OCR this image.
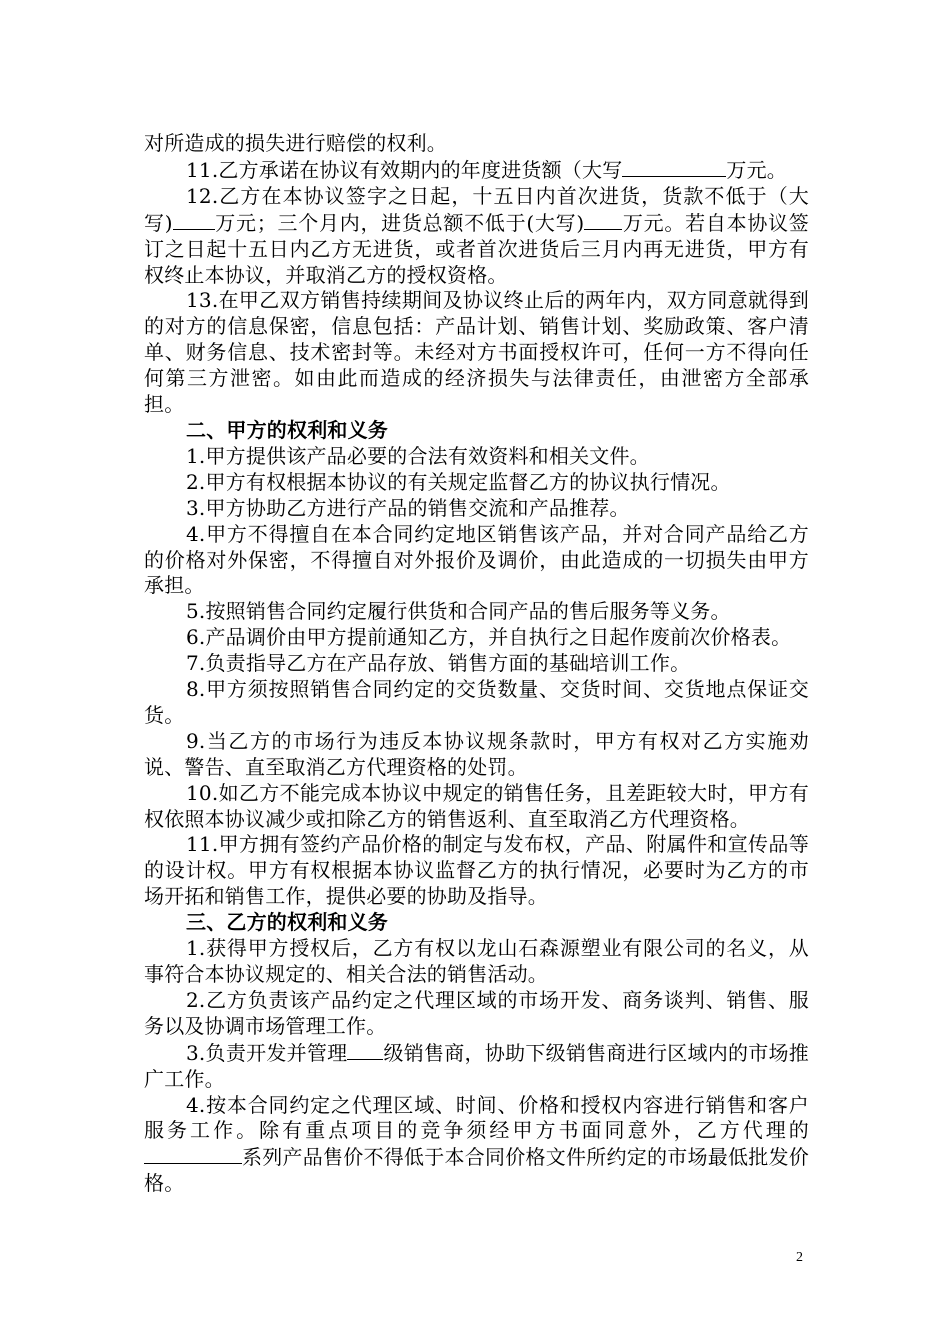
对所造成的损失进行赔偿的权利。

11.乙方承诺在协议有效期内的年度进货额（大写	万元。

12.乙方在本协议签字之日起，十五日内首次进货，货款不低于（大写) 万元；三个月内，进货总额不低于(大写) 万元。若自本协议签订之日起十五日内乙方无进货，或者首次进货后三月内再无进货，甲方有权终止本协议，并取消乙方的授权资格。

13.在甲乙双方销售持续期间及协议终止后的两年内，双方同意就得到的对方的信息保密，信息包括：产品计划、销售计划、奖励政策、客户清单、财务信息、技术密封等。未经对方书面授权许可，任何一方不得向任何第三方泄密。如由此而造成的经济损失与法律责任，由泄密方全部承担。

二、甲方的权利和义务

1.甲方提供该产品必要的合法有效资料和相关文件。

2.甲方有权根据本协议的有关规定监督乙方的协议执行情况。

3.甲方协助乙方进行产品的销售交流和产品推荐。

4.甲方不得擅自在本合同约定地区销售该产品，并对合同产品给乙方的价格对外保密，不得擅自对外报价及调价，由此造成的一切损失由甲方承担。

5.按照销售合同约定履行供货和合同产品的售后服务等义务。

6.产品调价由甲方提前通知乙方，并自执行之日起作废前次价格表。

7.负责指导乙方在产品存放、销售方面的基础培训工作。

8.甲方须按照销售合同约定的交货数量、交货时间、交货地点保证交货。

9.当乙方的市场行为违反本协议规条款时，甲方有权对乙方实施劝说、警告、直至取消乙方代理资格的处罚。

10.如乙方不能完成本协议中规定的销售任务，且差距较大时，甲方有权依照本协议减少或扣除乙方的销售返利、直至取消乙方代理资格。

11.甲方拥有签约产品价格的制定与发布权，产品、附属件和宣传品等的设计权。甲方有权根据本协议监督乙方的执行情况，必要时为乙方的市场开拓和销售工作，提供必要的协助及指导。

三、乙方的权利和义务

1.获得甲方授权后，乙方有权以龙山石森源塑业有限公司的名义，从事符合本协议规定的、相关合法的销售活动。

2.乙方负责该产品约定之代理区域的市场开发、商务谈判、销售、服务以及协调市场管理工作。

3.负责开发并管理 级销售商，协助下级销售商进行区域内的市场推广工作。

4.按本合同约定之代理区域、时间、价格和授权内容进行销售和客户服务工作。除有重点项目的竞争须经甲方书面同意外，乙方代理的系列产品售价不得低于本合同价格文件所约定的市场最低批发价格。

2
